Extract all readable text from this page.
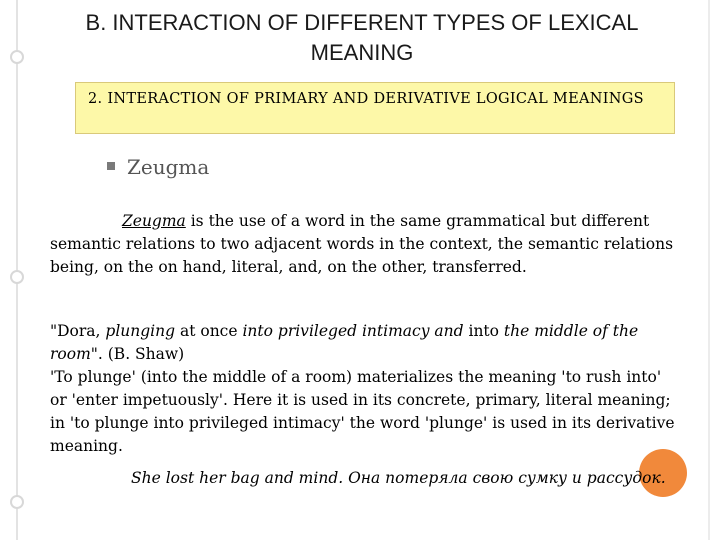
B. INTERACTION OF DIFFERENT TYPES OF LEXICAL MEANING
2. INTERACTION OF PRIMARY AND DERIVATIVE LOGICAL MEANINGS
Zeugma
Zeugma is the use of a word in the same grammatical but different semantic relations to two adjacent words in the context, the semantic relations being, on the on hand, literal, and, on the other, transferred.
"Dora, plunging at once into privileged intimacy and into the middle of the room". (B. Shaw)
'To plunge' (into the middle of a room) materializes the meaning 'to rush into' or 'enter impetuously'. Here it is used in its concrete, primary, literal meaning; in 'to plunge into privileged intimacy' the word 'plunge' is used in its derivative meaning.
She lost her bag and mind. Она потеряла свою сумку и рассудок.
